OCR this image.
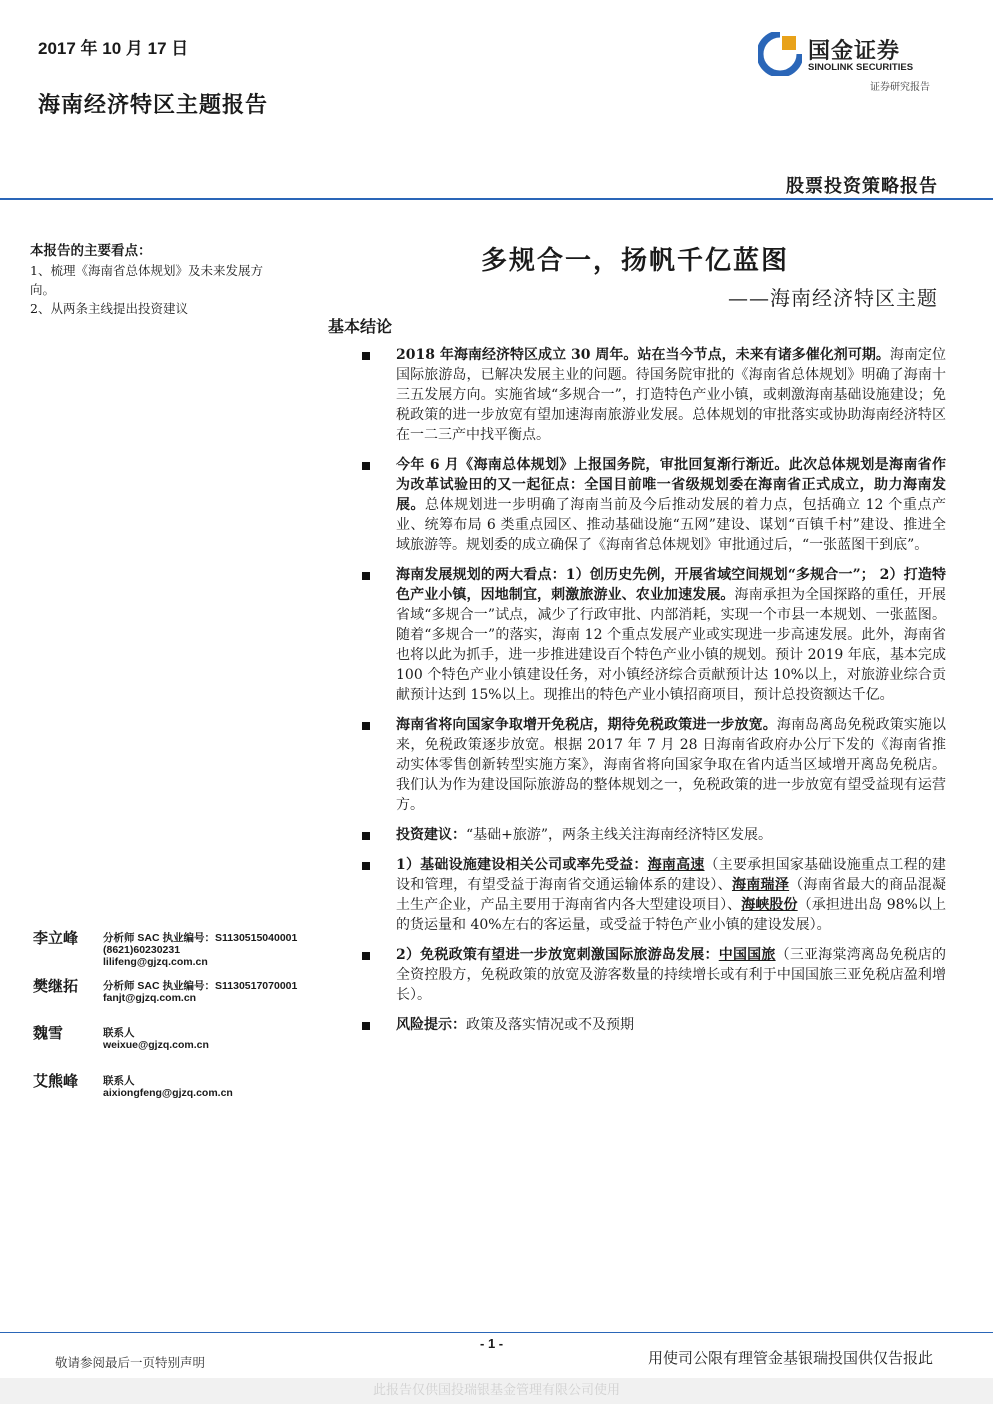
2017 年 10 月 17 日
海南经济特区主题报告
国金证券
SINOLINK SECURITIES
证券研究报告
股票投资策略报告
本报告的主要看点：
1、梳理《海南省总体规划》及未来发展方向。
2、从两条主线提出投资建议
李立峰 分析师 SAC 执业编号：S1130515040001
(8621)60230231
lilifeng@gjzq.com.cn
樊继拓 分析师 SAC 执业编号：S1130517070001
fanjt@gjzq.com.cn
魏雪	联系人
weixue@gjzq.com.cn
艾熊峰 联系人
aixiongfeng@gjzq.com.cn
多规合一，扬帆千亿蓝图
——海南经济特区主题
基本结论
2018 年海南经济特区成立 30 周年。站在当今节点，未来有诸多催化剂可期。海南定位国际旅游岛，已解决发展主业的问题。待国务院审批的《海南省总体规划》明确了海南十三五发展方向。实施省域“多规合一”，打造特色产业小镇，或刺激海南基础设施建设；免税政策的进一步放宽有望加速海南旅游业发展。总体规划的审批落实或协助海南经济特区在一二三产中找平衡点。
今年 6 月《海南总体规划》上报国务院，审批回复渐行渐近。此次总体规划是海南省作为改革试验田的又一起征点：全国目前唯一省级规划委在海南省正式成立，助力海南发展。总体规划进一步明确了海南当前及今后推动发展的着力点，包括确立 12 个重点产业、统筹布局 6 类重点园区、推动基础设施“五网”建设、谋划“百镇千村”建设、推进全域旅游等。规划委的成立确保了《海南省总体规划》审批通过后，“一张蓝图干到底”。
海南发展规划的两大看点：1）创历史先例，开展省域空间规划“多规合一”； 2）打造特色产业小镇，因地制宜，刺激旅游业、农业加速发展。海南承担为全国探路的重任，开展省域“多规合一”试点，减少了行政审批、内部消耗，实现一个市县一本规划、一张蓝图。随着“多规合一”的落实，海南 12 个重点发展产业或实现进一步高速发展。此外，海南省也将以此为抓手，进一步推进建设百个特色产业小镇的规划。预计 2019 年底，基本完成 100 个特色产业小镇建设任务，对小镇经济综合贡献预计达 10%以上，对旅游业综合贡献预计达到 15%以上。现推出的特色产业小镇招商项目，预计总投资额达千亿。
海南省将向国家争取增开免税店，期待免税政策进一步放宽。海南岛离岛免税政策实施以来，免税政策逐步放宽。根据 2017 年 7 月 28 日海南省政府办公厅下发的《海南省推动实体零售创新转型实施方案》，海南省将向国家争取在省内适当区域增开离岛免税店。我们认为作为建设国际旅游岛的整体规划之一，免税政策的进一步放宽有望受益现有运营方。
投资建议：“基础+旅游”，两条主线关注海南经济特区发展。
1）基础设施建设相关公司或率先受益：海南高速（主要承担国家基础设施重点工程的建设和管理，有望受益于海南省交通运输体系的建设）、海南瑞泽（海南省最大的商品混凝土生产企业，产品主要用于海南省内各大型建设项目）、海峡股份（承担进出岛 98%以上的货运量和 40%左右的客运量，或受益于特色产业小镇的建设发展）。
2）免税政策有望进一步放宽刺激国际旅游岛发展：中国国旅（三亚海棠湾离岛免税店的全资控股方，免税政策的放宽及游客数量的持续增长或有利于中国国旅三亚免税店盈利增长）。
风险提示：政策及落实情况或不及预期
- 1 -
敬请参阅最后一页特别声明	用使司公限有理管金基银瑞投国供仅告报此
此报告仅供国投瑞银基金管理有限公司使用
